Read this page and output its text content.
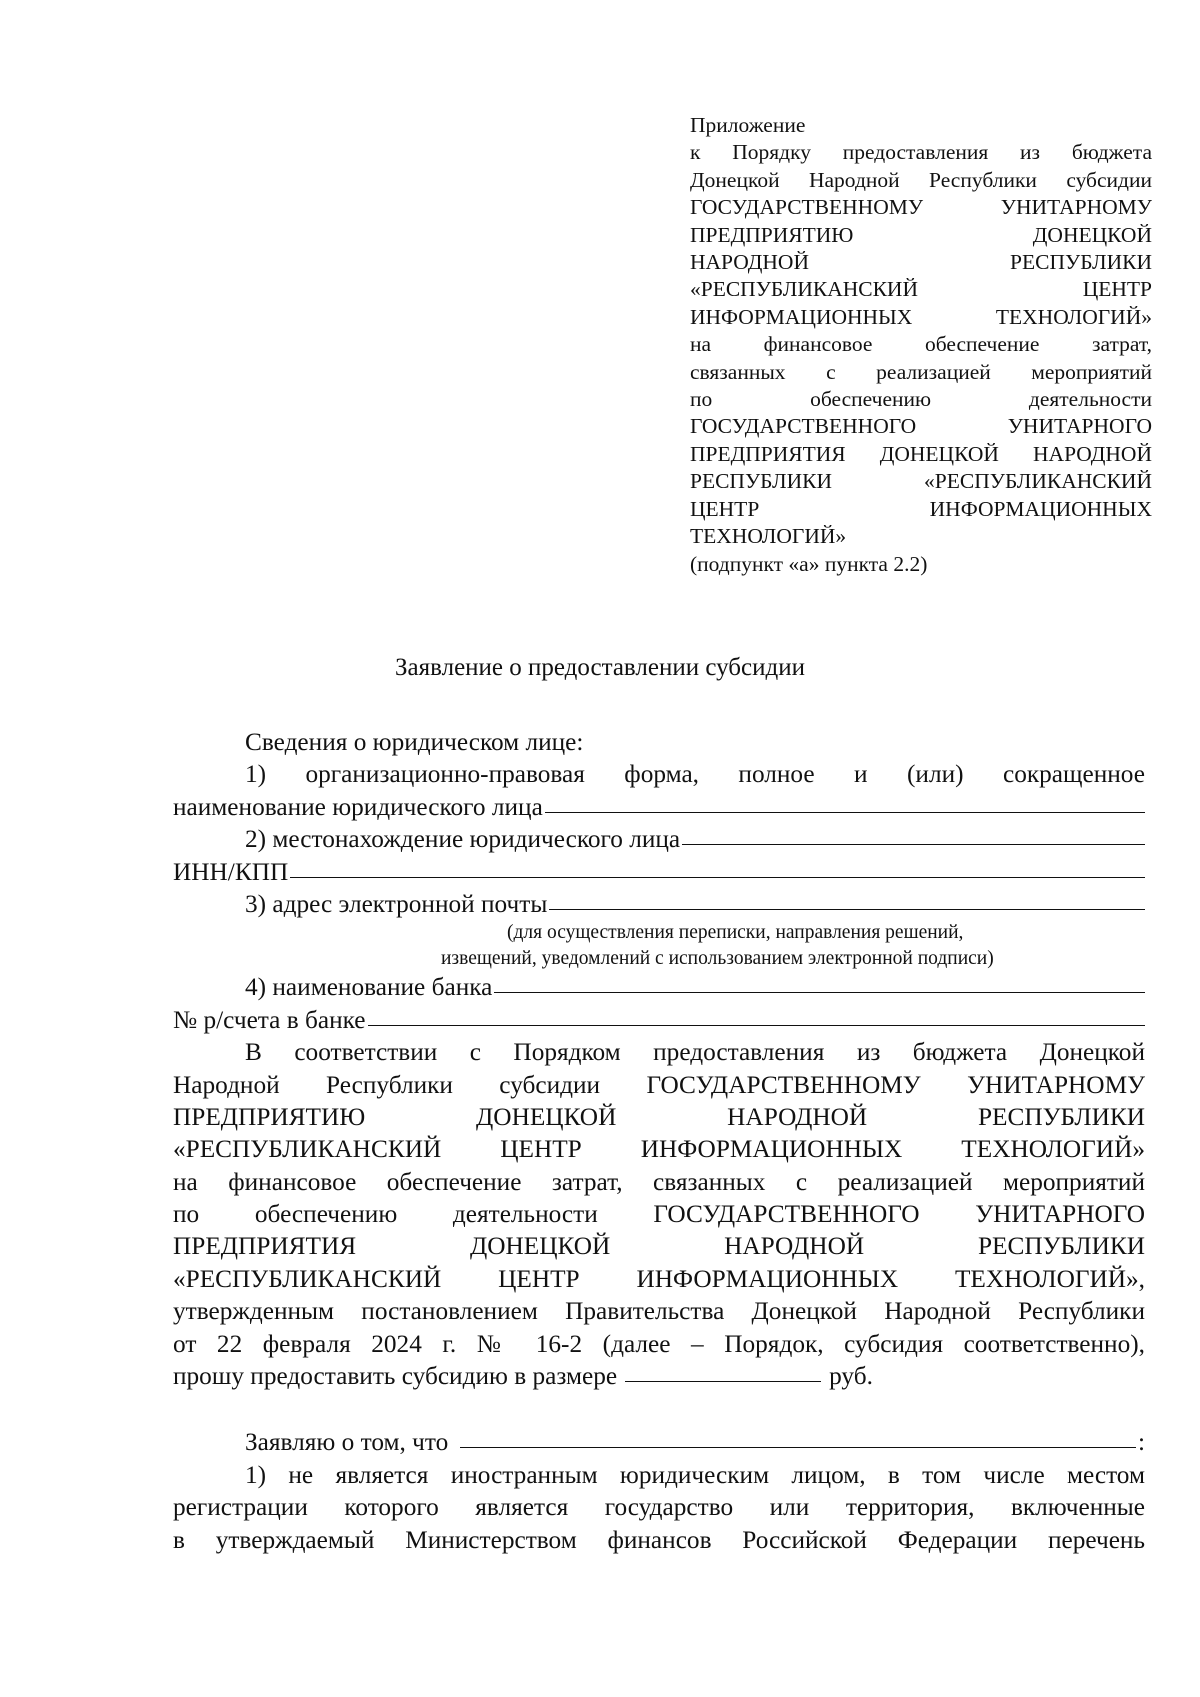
Приложение
к Порядку предоставления из бюджета
Донецкой Народной Республики субсидии
ГОСУДАРСТВЕННОМУ УНИТАРНОМУ
ПРЕДПРИЯТИЮ ДОНЕЦКОЙ
НАРОДНОЙ РЕСПУБЛИКИ
«РЕСПУБЛИКАНСКИЙ ЦЕНТР
ИНФОРМАЦИОННЫХ ТЕХНОЛОГИЙ»
на финансовое обеспечение затрат,
связанных с реализацией мероприятий
по обеспечению деятельности
ГОСУДАРСТВЕННОГО УНИТАРНОГО
ПРЕДПРИЯТИЯ ДОНЕЦКОЙ НАРОДНОЙ
РЕСПУБЛИКИ «РЕСПУБЛИКАНСКИЙ
ЦЕНТР ИНФОРМАЦИОННЫХ
ТЕХНОЛОГИЙ»
(подпункт «а» пункта 2.2)
Заявление о предоставлении субсидии
Сведения о юридическом лице:
1) организационно-правовая форма, полное и (или) сокращенное
наименование юридического лица
2) местонахождение юридического лица
ИНН/КПП
3) адрес электронной почты
(для осуществления переписки, направления решений,
извещений, уведомлений с использованием электронной подписи)
4) наименование банка
№ р/счета в банке
В соответствии с Порядком предоставления из бюджета Донецкой
Народной Республики субсидии ГОСУДАРСТВЕННОМУ УНИТАРНОМУ
ПРЕДПРИЯТИЮ ДОНЕЦКОЙ НАРОДНОЙ РЕСПУБЛИКИ
«РЕСПУБЛИКАНСКИЙ ЦЕНТР ИНФОРМАЦИОННЫХ ТЕХНОЛОГИЙ»
на финансовое обеспечение затрат, связанных с реализацией мероприятий
по обеспечению деятельности ГОСУДАРСТВЕННОГО УНИТАРНОГО
ПРЕДПРИЯТИЯ ДОНЕЦКОЙ НАРОДНОЙ РЕСПУБЛИКИ
«РЕСПУБЛИКАНСКИЙ ЦЕНТР ИНФОРМАЦИОННЫХ ТЕХНОЛОГИЙ»,
утвержденным постановлением Правительства Донецкой Народной Республики
от 22 февраля 2024 г. № 16-2 (далее – Порядок, субсидия соответственно),
прошу предоставить субсидию в размере	руб.
Заявляю о том, что	:
1) не является иностранным юридическим лицом, в том числе местом
регистрации которого является государство или территория, включенные
в утверждаемый Министерством финансов Российской Федерации перечень
